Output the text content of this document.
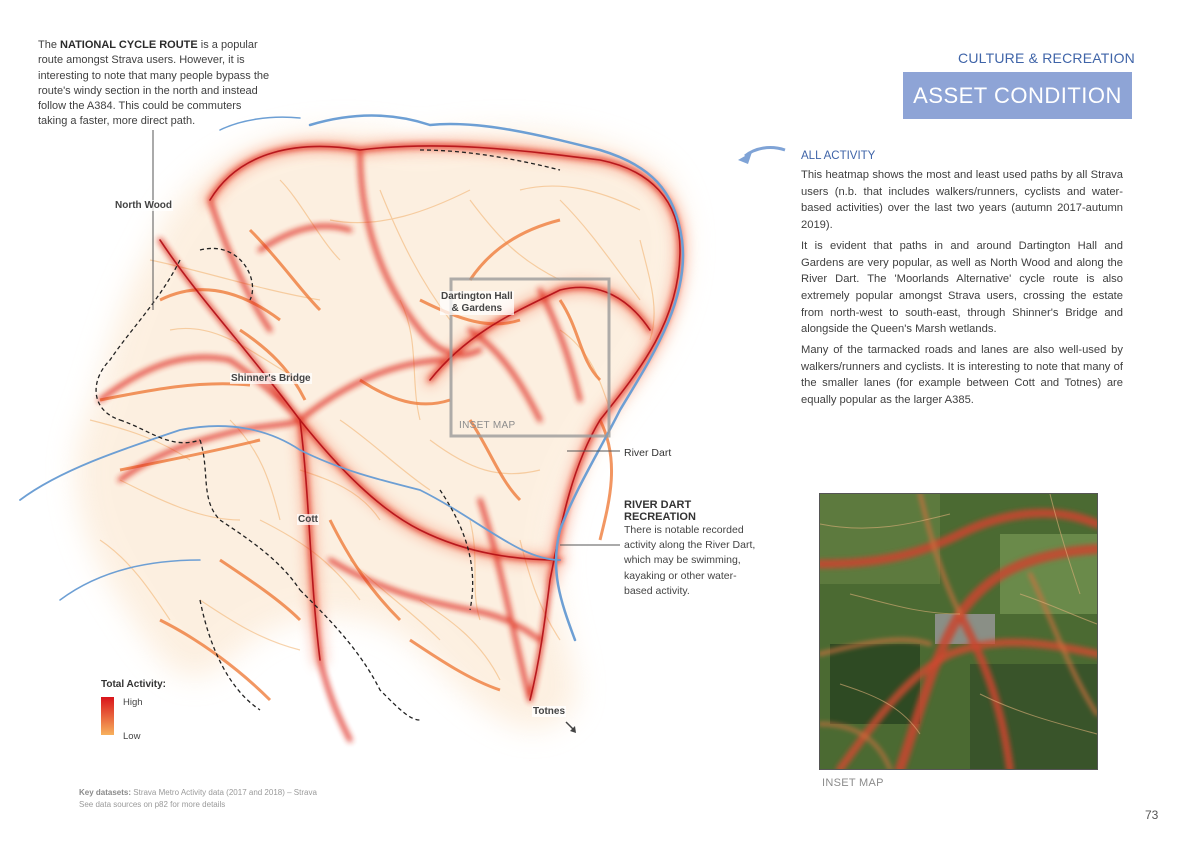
The NATIONAL CYCLE ROUTE is a popular route amongst Strava users. However, it is interesting to note that many people bypass the route's windy section in the north and instead follow the A384. This could be commuters taking a faster, more direct path.
North Wood
Dartington Hall
& Gardens
Shinner's Bridge
Cott
Totnes
River Dart
INSET MAP
CULTURE & RECREATION
ASSET CONDITION
ALL ACTIVITY

This heatmap shows the most and least used paths by all Strava users (n.b. that includes walkers/runners, cyclists and water-based activities) over the last two years (autumn 2017-autumn 2019).

It is evident that paths in and around Dartington Hall and Gardens are very popular, as well as North Wood and along the River Dart. The 'Moorlands Alternative' cycle route is also extremely popular amongst Strava users, crossing the estate from north-west to south-east, through Shinner's Bridge and alongside the Queen's Marsh wetlands.

Many of the tarmacked roads and lanes are also well-used by walkers/runners and cyclists. It is interesting to note that many of the smaller lanes (for example between Cott and Totnes) are equally popular as the larger A385.

RIVER DART RECREATION
There is notable recorded activity along the River Dart, which may be swimming, kayaking or other water-based activity.
Total Activity:
High
Low
Key datasets: Strava Metro Activity data (2017 and 2018) – Strava
See data sources on p82 for more details
INSET MAP
73
